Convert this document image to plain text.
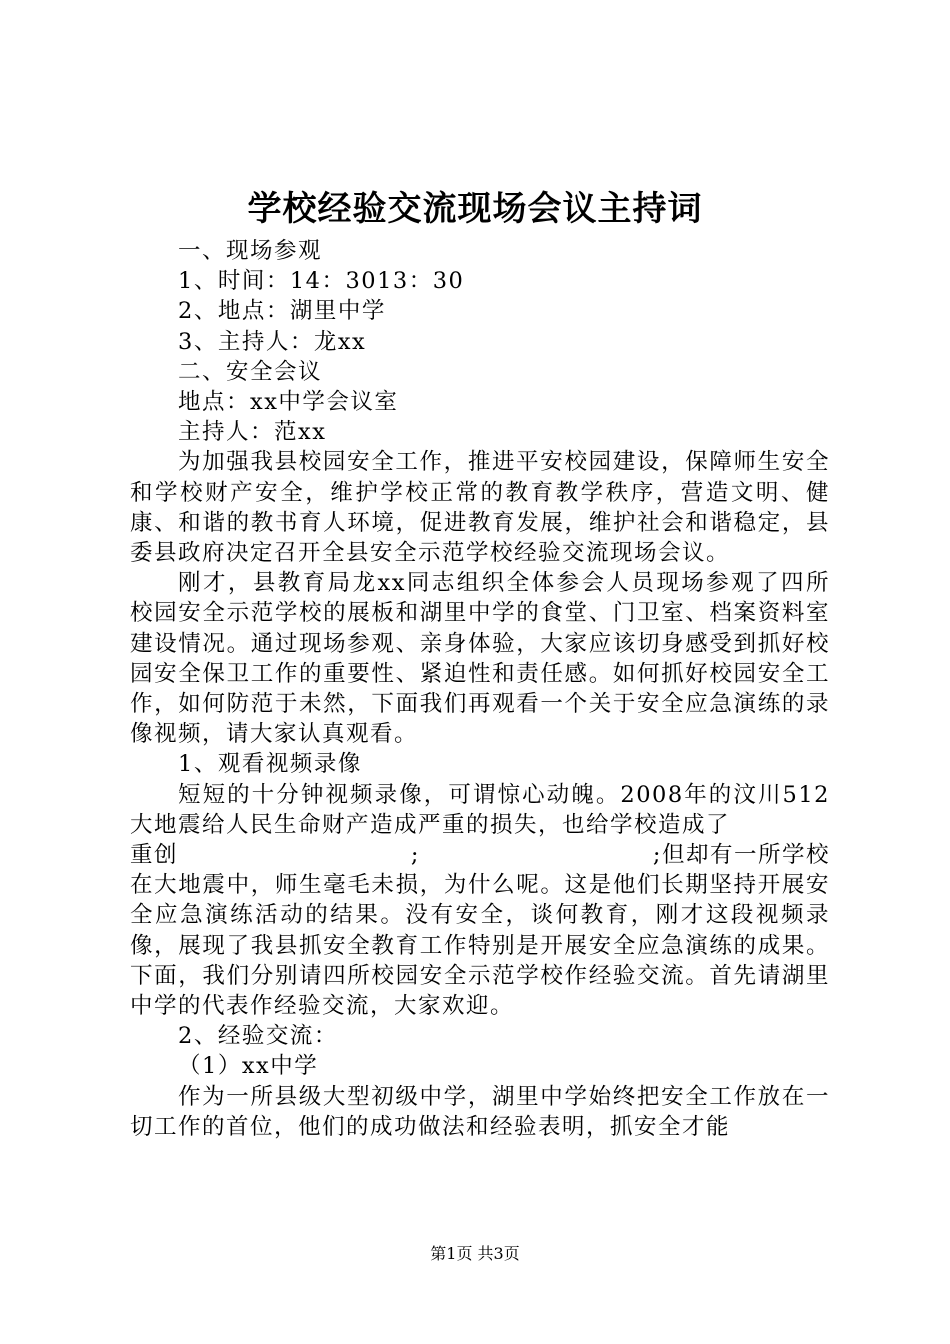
学校经验交流现场会议主持词
一、现场参观
1、时间：14：3013：30
2、地点：湖里中学
3、主持人：龙xx
二、安全会议
地点：xx中学会议室
主持人：范xx
为加强我县校园安全工作，推进平安校园建设，保障师生安全和学校财产安全，维护学校正常的教育教学秩序，营造文明、健康、和谐的教书育人环境，促进教育发展，维护社会和谐稳定，县委县政府决定召开全县安全示范学校经验交流现场会议。
刚才，县教育局龙xx同志组织全体参会人员现场参观了四所校园安全示范学校的展板和湖里中学的食堂、门卫室、档案资料室建设情况。通过现场参观、亲身体验，大家应该切身感受到抓好校园安全保卫工作的重要性、紧迫性和责任感。如何抓好校园安全工作，如何防范于未然，下面我们再观看一个关于安全应急演练的录像视频，请大家认真观看。
1、观看视频录像
短短的十分钟视频录像，可谓惊心动魄。2008年的汶川512大地震给人民生命财产造成严重的损失，也给学校造成了
重创	;	;但却有一所学校
在大地震中，师生毫毛未损，为什么呢。这是他们长期坚持开展安全应急演练活动的结果。没有安全，谈何教育，刚才这段视频录像，展现了我县抓安全教育工作特别是开展安全应急演练的成果。下面，我们分别请四所校园安全示范学校作经验交流。首先请湖里中学的代表作经验交流，大家欢迎。
2、经验交流：
（1）xx中学
作为一所县级大型初级中学，湖里中学始终把安全工作放在一切工作的首位，他们的成功做法和经验表明，抓安全才能
第1页 共3页
